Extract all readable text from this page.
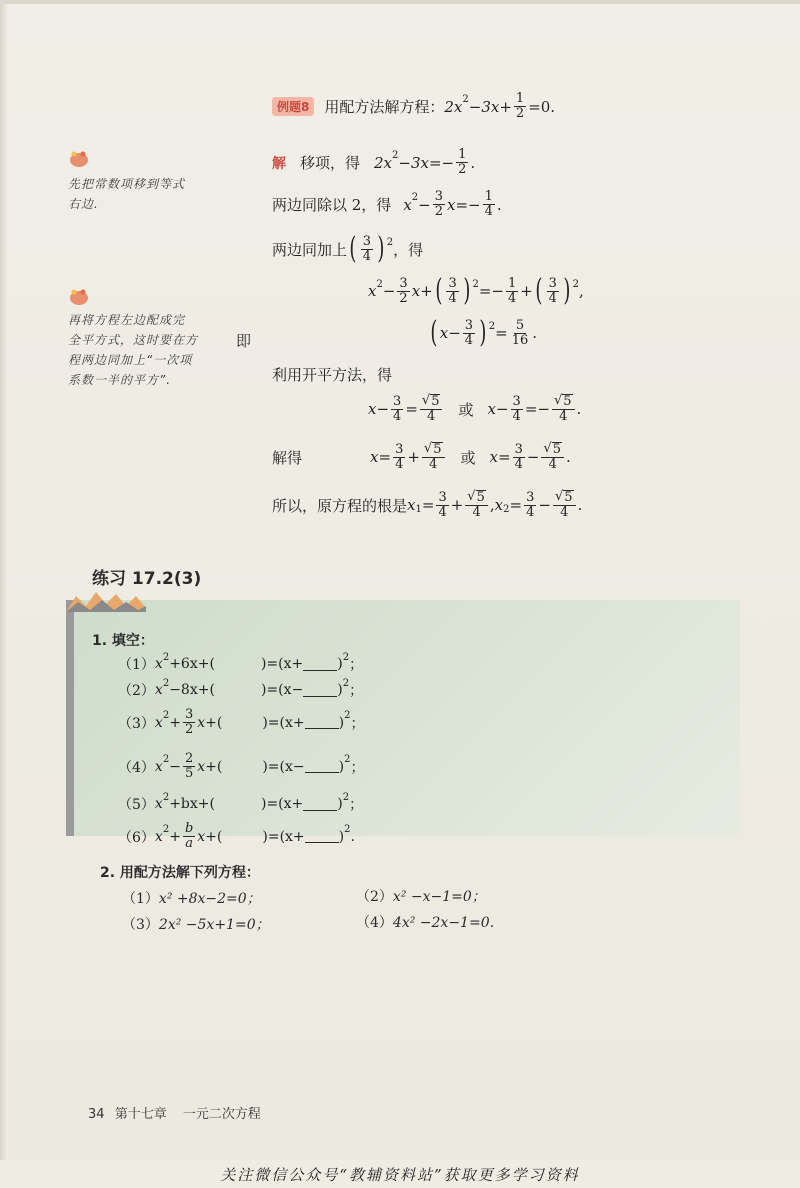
先把常数项移到等式
右边.
再将方程左边配成完
全平方式，这时要在方
程两边同加上“一次项
系数一半的平方”.
例题8	用配方法解方程： 2x $2 -3x+ \frac{1}{2} =0$.
解 移项，得 2x $2 -3x=- \frac{1}{2}$ .
两边同除以 2，得 x $2 - \frac{3}{2}$ $x =- \frac{1}{4}$ .
两边同加上 ( $\frac{3}{4}$ ) 2 ，得
x $2 - \frac{3}{2}$ x + ( $\frac{3}{4}$ ) $2 =- \frac{1}{4}$ + ( $\frac{3}{4}$ ) 2 ,
即	( $x - \frac{3}{4}$ ) $2 = \frac{5}{16}$ .
利用开平方法，得
$x - \frac{3}{4} = \frac{√ 5}{4}$ 或 $x - \frac{3}{4} =- \frac{√ 5}{4}$ .
解得	$x = \frac{3}{4} + \frac{√ 5}{4}$ 或 $x = \frac{3}{4} - \frac{√ 5}{4}$ .
所以，原方程的根是 x $1 = \frac{3}{4} + \frac{√ 5}{4}$ , x $2 = \frac{3}{4} - \frac{√ 5}{4}$ .
练习 17.2(3)
1. 填空：
（1） x 2 +6x+(	)=(x+ ) 2 ；
（2） x 2 −8x+(	)=(x− ) 2 ；
（3） x $2 + \frac{3}{2}$ x +(	)=(x+ ) 2 ；
（4） x $2 - \frac{2}{5}$ x +(	)=(x− ) 2 ；
（5） x 2 +bx+(	)=(x+ ) 2 ；
（6） x $2 + \frac{b}{a}$ x +(	)=(x+ ) 2 .
2. 用配方法解下列方程：
（1）x² +8x−2=0；	（2）x² −x−1=0；
（3）2x² −5x+1=0；	（4）4x² −2x−1=0.
34 第十七章 一元二次方程
关注微信公众号“教辅资料站”获取更多学习资料
